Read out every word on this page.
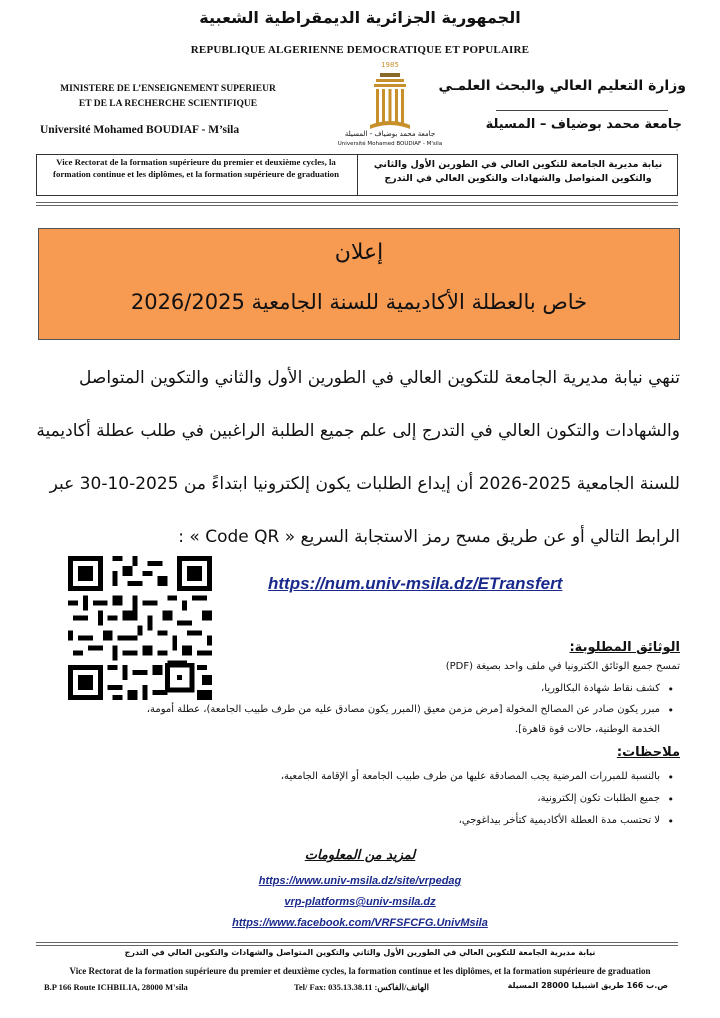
الجمهورية الجزائرية الديمقراطية الشعبية
REPUBLIQUE ALGERIENNE DEMOCRATIQUE ET POPULAIRE
MINISTERE DE L’ENSEIGNEMENT SUPERIEUR
ET DE LA RECHERCHE SCIENTIFIQUE
Université Mohamed BOUDIAF - M’sila
وزارة التعليم العالي والبحث العلمـي
جامعة محمد بوضياف – المسيلة
1985
جامعة محمد بوضياف - المسيلة
Université Mohamed BOUDIAF - M'sila
Vice Rectorat de la formation supérieure du premier et deuxième cycles, la formation continue et les diplômes, et la formation supérieure de graduation
نيابة مديرية الجامعة للتكوين العالي في الطورين الأول والثاني
والتكوين المتواصل والشهادات والتكوين العالي في التدرج
إعلان
خاص بالعطلة الأكاديمية للسنة الجامعية 2026/2025
تنهي نيابة مديرية الجامعة للتكوين العالي في الطورين الأول والثاني والتكوين المتواصل
والشهادات والتكون العالي في التدرج إلى علم جميع الطلبة الراغبين في طلب عطلة أكاديمية
للسنة الجامعية 2025-2026 أن إيداع الطلبات يكون إلكترونيا ابتداءً من 2025-10-30 عبر
الرابط التالي أو عن طريق مسح رمز الاستجابة السريع « Code QR » :
https://num.univ-msila.dz/ETransfert
الوثائق المطلوبة:
تمسح جميع الوثائق الكترونيا في ملف واحد بصيغة (PDF)
كشف نقاط شهادة البكالوريا، •
مبرر يكون صادر عن المصالح المخولة [مرض مزمن معيق (المبرر يكون مصادق عليه من طرف طبيب الجامعة)، عطلة أمومة، •
الخدمة الوطنية، حالات قوة قاهرة].
ملاحظات:
بالنسبة للمبررات المرضية يجب المصادقة عليها من طرف طبيب الجامعة أو الإقامة الجامعية، •
جميع الطلبات تكون إلكترونية، •
لا تحتسب مدة العطلة الأكاديمية كتأخر بيداغوجي، •
لمزيد من المعلومات
https://www.univ-msila.dz/site/vrpedag
vrp-platforms@univ-msila.dz
https://www.facebook.com/VRFSFCFG.UnivMsila
نيابة مديرية الجامعة للتكوين العالي في الطورين الأول والثاني والتكوين المتواصل والشهادات والتكوين العالي في التدرج
Vice Rectorat de la formation supérieure du premier et deuxième cycles, la formation continue et les diplômes, et la formation supérieure de graduation
B.P 166 Route ICHBILIA, 28000 M'sila	Tel/ Fax: 035.13.38.11 :الهاتف/الفاكس	ص.ب 166 طريق اشبيليا 28000 المسيلة
